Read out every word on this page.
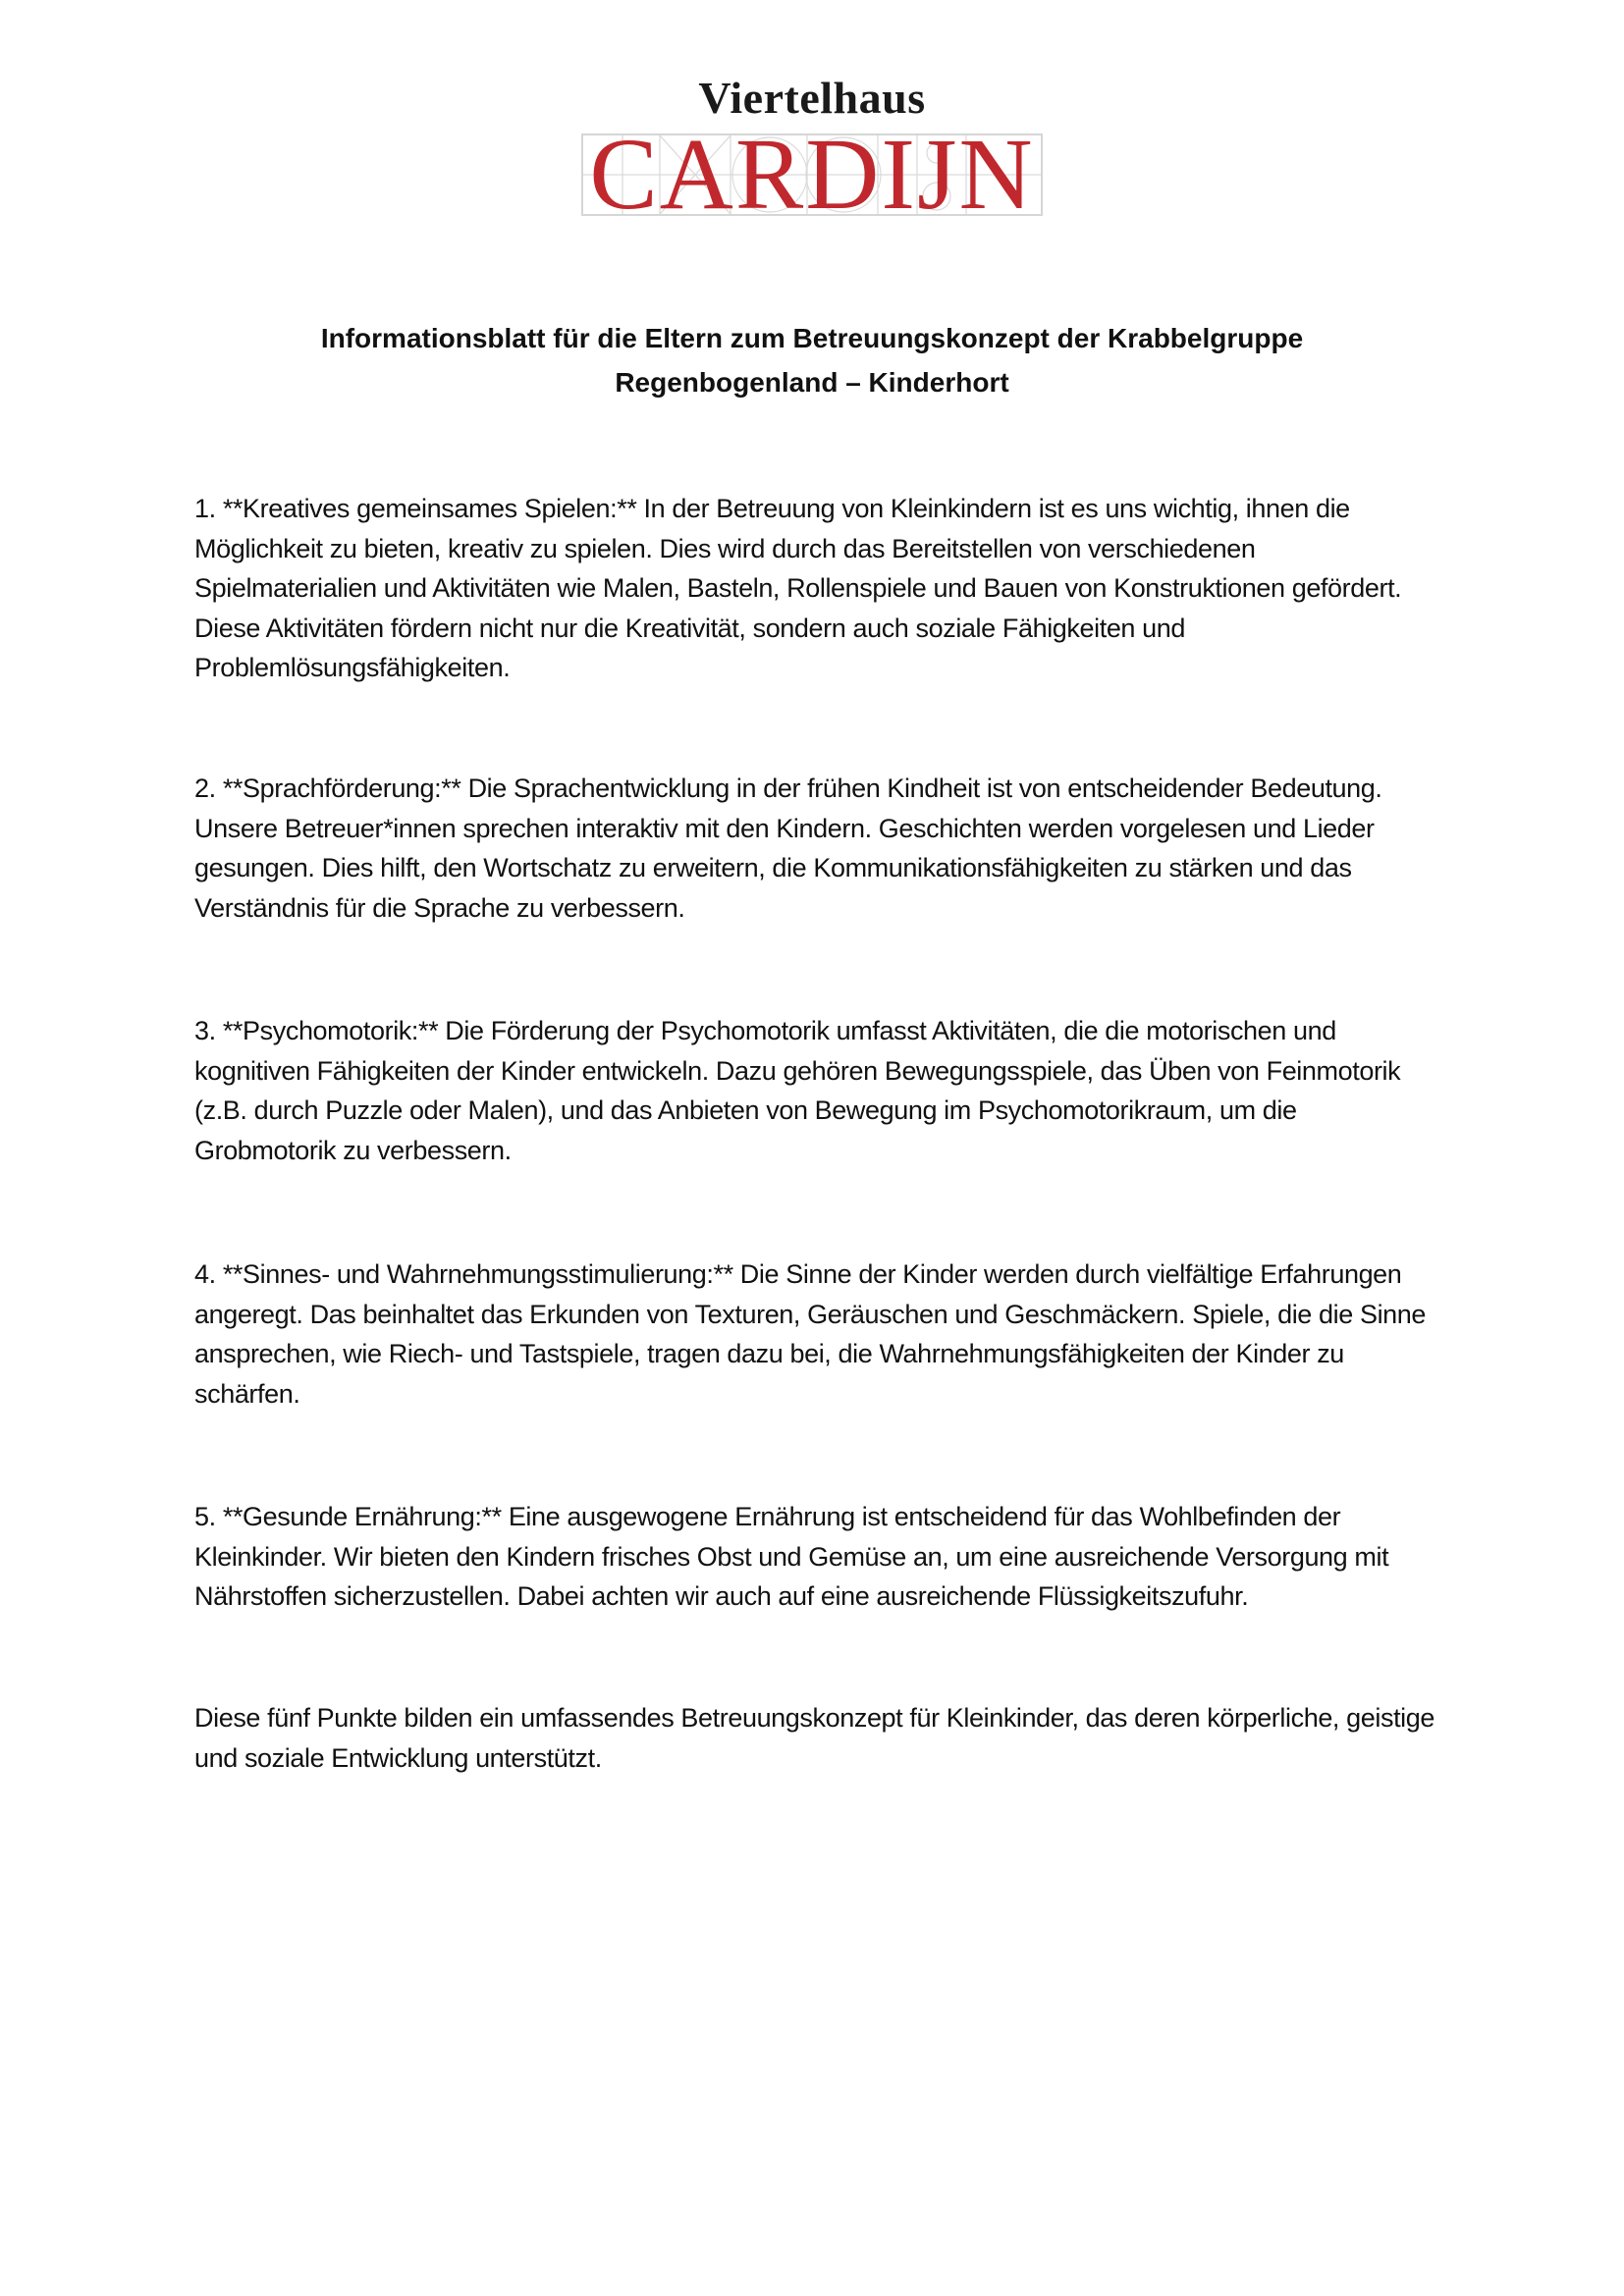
Viertelhaus
CARDIJN
Informationsblatt für die Eltern zum Betreuungskonzept der Krabbelgruppe
Regenbogenland – Kinderhort
1. **Kreatives gemeinsames Spielen:** In der Betreuung von Kleinkindern ist es uns wichtig, ihnen die Möglichkeit zu bieten, kreativ zu spielen. Dies wird durch das Bereitstellen von verschiedenen Spielmaterialien und Aktivitäten wie Malen, Basteln, Rollenspiele und Bauen von Konstruktionen gefördert. Diese Aktivitäten fördern nicht nur die Kreativität, sondern auch soziale Fähigkeiten und Problemlösungsfähigkeiten.
2. **Sprachförderung:** Die Sprachentwicklung in der frühen Kindheit ist von entscheidender Bedeutung. Unsere Betreuer*innen sprechen interaktiv mit den Kindern. Geschichten werden vorgelesen und Lieder gesungen. Dies hilft, den Wortschatz zu erweitern, die Kommunikationsfähigkeiten zu stärken und das Verständnis für die Sprache zu verbessern.
3. **Psychomotorik:** Die Förderung der Psychomotorik umfasst Aktivitäten, die die motorischen und kognitiven Fähigkeiten der Kinder entwickeln. Dazu gehören Bewegungsspiele, das Üben von Feinmotorik (z.B. durch Puzzle oder Malen), und das Anbieten von Bewegung im Psychomotorikraum, um die Grobmotorik zu verbessern.
4. **Sinnes- und Wahrnehmungsstimulierung:** Die Sinne der Kinder werden durch vielfältige Erfahrungen angeregt. Das beinhaltet das Erkunden von Texturen, Geräuschen und Geschmäckern. Spiele, die die Sinne ansprechen, wie Riech- und Tastspiele, tragen dazu bei, die Wahrnehmungsfähigkeiten der Kinder zu schärfen.
5. **Gesunde Ernährung:** Eine ausgewogene Ernährung ist entscheidend für das Wohlbefinden der Kleinkinder. Wir bieten den Kindern frisches Obst und Gemüse an, um eine ausreichende Versorgung mit Nährstoffen sicherzustellen. Dabei achten wir auch auf eine ausreichende Flüssigkeitszufuhr.
Diese fünf Punkte bilden ein umfassendes Betreuungskonzept für Kleinkinder, das deren körperliche, geistige und soziale Entwicklung unterstützt.
